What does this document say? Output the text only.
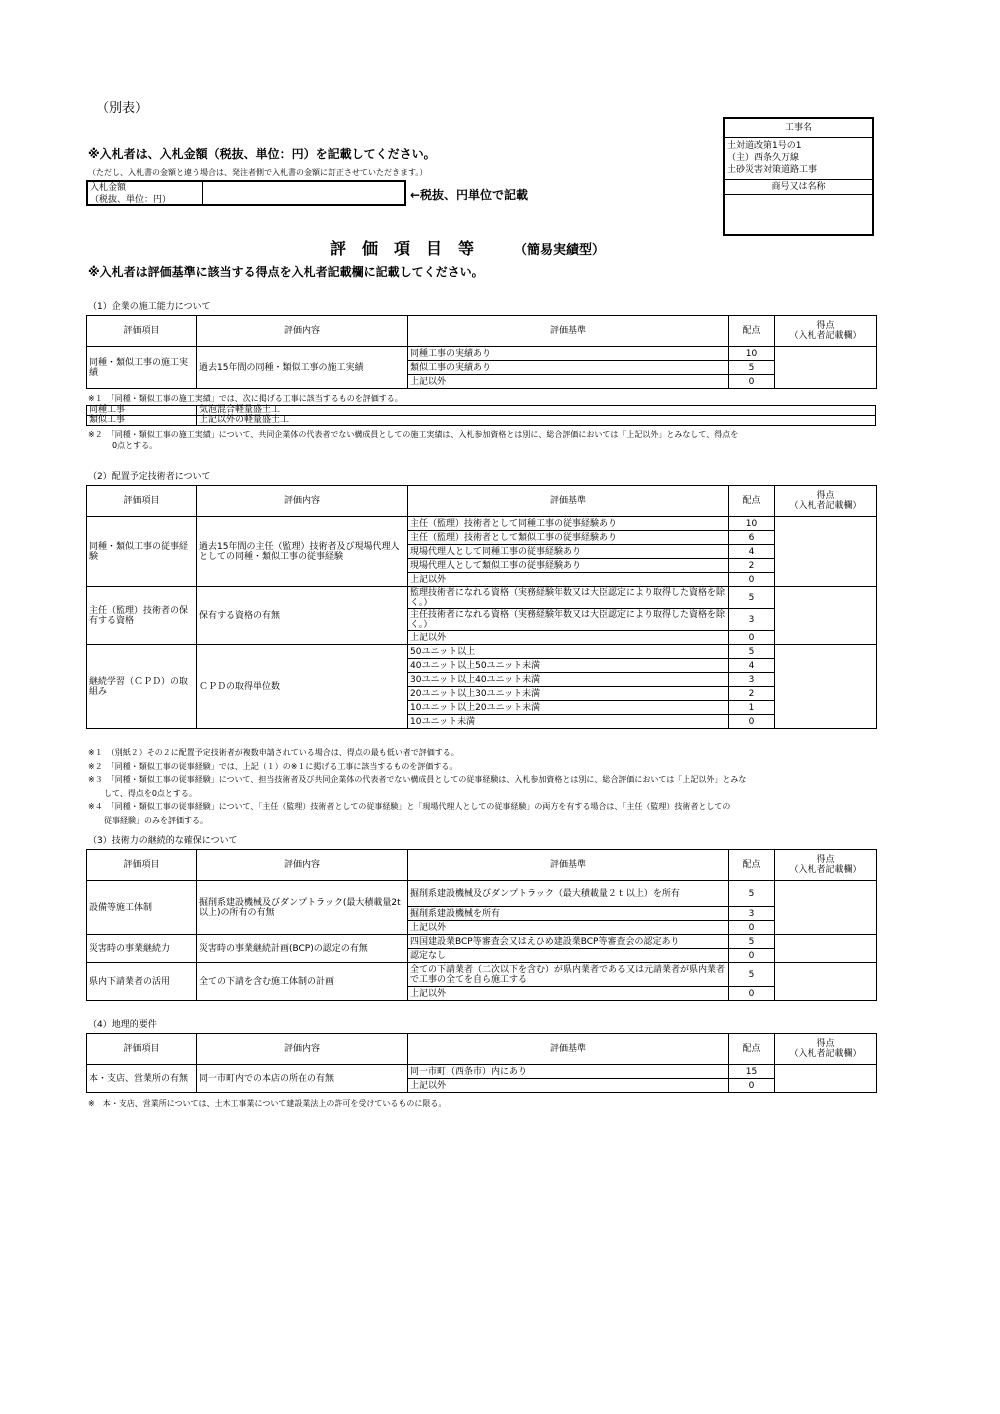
（別表）
※入札者は、入札金額（税抜、単位：円）を記載してください。
（ただし、入札書の金額と違う場合は、発注者側で入札書の金額に訂正させていただきます。）
入札金額
（税抜、単位：円）	←税抜、円単位で記載
工事名
土対道改第1号の1
（主）西条久万線
土砂災害対策道路工事
商号又は名称
評　価　項　目　等	（簡易実績型）
※入札者は評価基準に該当する得点を入札者記載欄に記載してください。
（1）企業の施工能力について
評価項目	評価内容	評価基準	配点	得点
（入札者記載欄）
同種・類似工事の施工実績	過去15年間の同種・類似工事の施工実績	同種工事の実績あり	10	
		類似工事の実績あり	5	
		上記以外	0	
※１　「同種・類似工事の施工実績」では、次に掲げる工事に該当するものを評価する。
同種工事	気泡混合軽量盛土工
類似工事	上記以外の軽量盛土工
※２　「同種・類似工事の施工実績」について、共同企業体の代表者でない構成員としての施工実績は、入札参加資格とは別に、総合評価においては「上記以外」とみなして、得点を
　　　0点とする。
（2）配置予定技術者について
評価項目	評価内容	評価基準	配点	得点
（入札者記載欄）
同種・類似工事の従事経験	過去15年間の主任（監理）技術者及び現場代理人としての同種・類似工事の従事経験	主任（監理）技術者として同種工事の従事経験あり	10	
		主任（監理）技術者として類似工事の従事経験あり	6	
		現場代理人として同種工事の従事経験あり	4	
		現場代理人として類似工事の従事経験あり	2	
		上記以外	0	
主任（監理）技術者の保有する資格	保有する資格の有無	監理技術者になれる資格（実務経験年数又は大臣認定により取得した資格を除く。）	5	
		主任技術者になれる資格（実務経験年数又は大臣認定により取得した資格を除く。）	3	
		上記以外	0	
継続学習（ＣＰＤ）の取組み	ＣＰＤの取得単位数	50ユニット以上	5	
		40ユニット以上50ユニット未満	4	
		30ユニット以上40ユニット未満	3	
		20ユニット以上30ユニット未満	2	
		10ユニット以上20ユニット未満	1	
		10ユニット未満	0	
※１　（別紙２）その２に配置予定技術者が複数申請されている場合は、得点の最も低い者で評価する。
※２　「同種・類似工事の従事経験」では、上記（１）の※１に掲げる工事に該当するものを評価する。
※３　「同種・類似工事の従事経験」について、担当技術者及び共同企業体の代表者でない構成員としての従事経験は、入札参加資格とは別に、総合評価においては「上記以外」とみな
　　して、得点を0点とする。
※４　「同種・類似工事の従事経験」について、「主任（監理）技術者としての従事経験」と「現場代理人としての従事経験」の両方を有する場合は、「主任（監理）技術者としての
　　従事経験」のみを評価する。
（3）技術力の継続的な確保について
評価項目	評価内容	評価基準	配点	得点
（入札者記載欄）
設備等施工体制	掘削系建設機械及びダンプトラック(最大積載量2t以上)の所有の有無	掘削系建設機械及びダンプトラック（最大積載量２ｔ以上）を所有	5	
		掘削系建設機械を所有	3	
		上記以外	0	
災害時の事業継続力	災害時の事業継続計画(BCP)の認定の有無	四国建設業BCP等審査会又はえひめ建設業BCP等審査会の認定あり	5	
		認定なし	0	
県内下請業者の活用	全ての下請を含む施工体制の計画	全ての下請業者（二次以下を含む）が県内業者である又は元請業者が県内業者で工事の全てを自ら施工する	5	
		上記以外	0	
（4）地理的要件
評価項目	評価内容	評価基準	配点	得点
（入札者記載欄）
本・支店、営業所の有無	同一市町内での本店の所在の有無	同一市町（西条市）内にあり	15	
		上記以外	0	
※　本・支店、営業所については、土木工事業について建設業法上の許可を受けているものに限る。
